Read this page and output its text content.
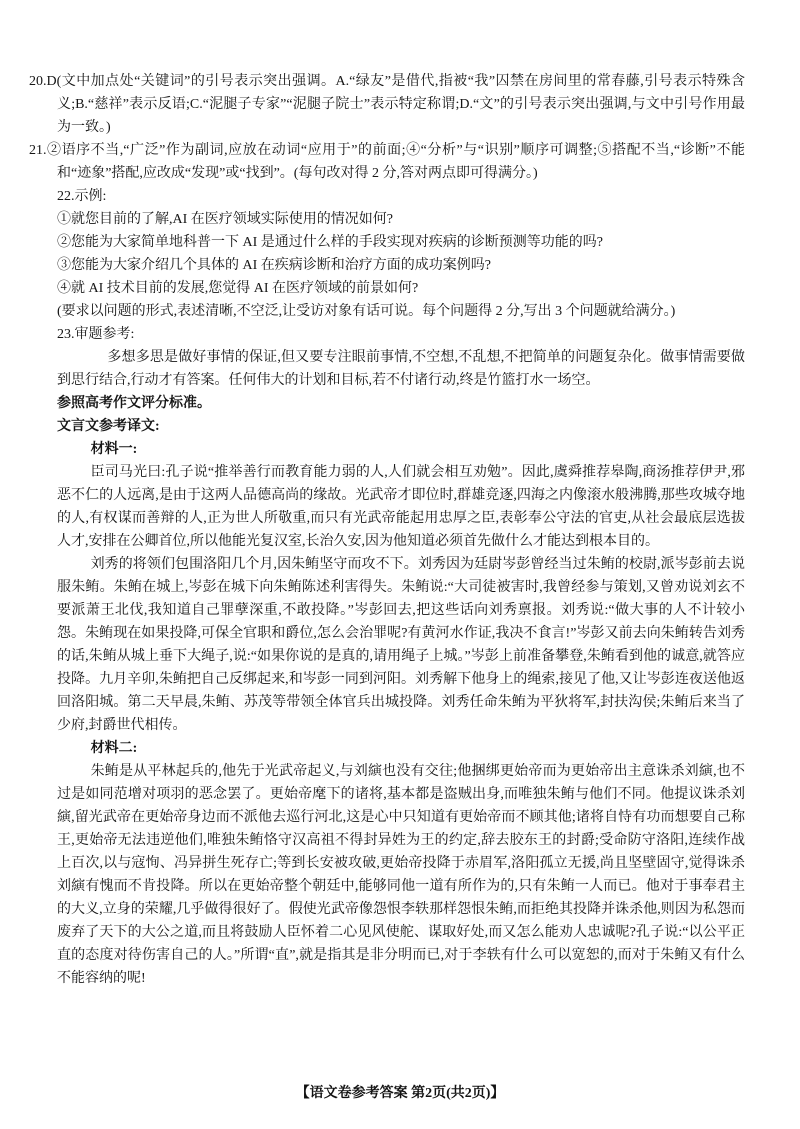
20.D(文中加点处“关键词”的引号表示突出强调。A.“绿友”是借代,指被“我”囚禁在房间里的常春藤,引号表示特殊含义;B.“慈祥”表示反语;C.“泥腿子专家”“泥腿子院士”表示特定称谓;D.“文”的引号表示突出强调,与文中引号作用最为一致。)

21.②语序不当,“广泛”作为副词,应放在动词“应用于”的前面;④“分析”与“识别”顺序可调整;⑤搭配不当,“诊断”不能和“迹象”搭配,应改成“发现”或“找到”。(每句改对得 2 分,答对两点即可得满分。)

22.示例:

①就您目前的了解,AI 在医疗领域实际使用的情况如何?

②您能为大家简单地科普一下 AI 是通过什么样的手段实现对疾病的诊断预测等功能的吗?

③您能为大家介绍几个具体的 AI 在疾病诊断和治疗方面的成功案例吗?

④就 AI 技术目前的发展,您觉得 AI 在医疗领域的前景如何?

(要求以问题的形式,表述清晰,不空泛,让受访对象有话可说。每个问题得 2 分,写出 3 个问题就给满分。)

23.审题参考:

多想多思是做好事情的保证,但又要专注眼前事情,不空想,不乱想,不把简单的问题复杂化。做事情需要做到思行结合,行动才有答案。任何伟大的计划和目标,若不付诸行动,终是竹篮打水一场空。

参照高考作文评分标准。

文言文参考译文:

材料一:

臣司马光曰:孔子说“推举善行而教育能力弱的人,人们就会相互劝勉”。因此,虞舜推荐皋陶,商汤推荐伊尹,邪恶不仁的人远离,是由于这两人品德高尚的缘故。光武帝才即位时,群雄竞逐,四海之内像滚水般沸腾,那些攻城夺地的人,有权谋而善辩的人,正为世人所敬重,而只有光武帝能起用忠厚之臣,表彰奉公守法的官吏,从社会最底层选拔人才,安排在公卿首位,所以他能光复汉室,长治久安,因为他知道必须首先做什么才能达到根本目的。

刘秀的将领们包围洛阳几个月,因朱鲔坚守而攻不下。刘秀因为廷尉岑彭曾经当过朱鲔的校尉,派岑彭前去说服朱鲔。朱鲔在城上,岑彭在城下向朱鲔陈述利害得失。朱鲔说:“大司徒被害时,我曾经参与策划,又曾劝说刘玄不要派萧王北伐,我知道自己罪孽深重,不敢投降。”岑彭回去,把这些话向刘秀禀报。刘秀说:“做大事的人不计较小怨。朱鲔现在如果投降,可保全官职和爵位,怎么会治罪呢?有黄河水作证,我决不食言!”岑彭又前去向朱鲔转告刘秀的话,朱鲔从城上垂下大绳子,说:“如果你说的是真的,请用绳子上城。”岑彭上前准备攀登,朱鲔看到他的诚意,就答应投降。九月辛卯,朱鲔把自己反绑起来,和岑彭一同到河阳。刘秀解下他身上的绳索,接见了他,又让岑彭连夜送他返回洛阳城。第二天早晨,朱鲔、苏茂等带领全体官兵出城投降。刘秀任命朱鲔为平狄将军,封扶沟侯;朱鲔后来当了少府,封爵世代相传。

材料二:

朱鲔是从平林起兵的,他先于光武帝起义,与刘縯也没有交往;他捆绑更始帝而为更始帝出主意诛杀刘縯,也不过是如同范增对项羽的恶念罢了。更始帝麾下的诸将,基本都是盗贼出身,而唯独朱鲔与他们不同。他提议诛杀刘縯,留光武帝在更始帝身边而不派他去巡行河北,这是心中只知道有更始帝而不顾其他;诸将自恃有功而想要自己称王,更始帝无法违逆他们,唯独朱鲔恪守汉高祖不得封异姓为王的约定,辞去胶东王的封爵;受命防守洛阳,连续作战上百次,以与寇恂、冯异拼生死存亡;等到长安被攻破,更始帝投降于赤眉军,洛阳孤立无援,尚且坚壁固守,觉得诛杀刘縯有愧而不肯投降。所以在更始帝整个朝廷中,能够同他一道有所作为的,只有朱鲔一人而已。他对于事奉君主的大义,立身的荣耀,几乎做得很好了。假使光武帝像怨恨李轶那样怨恨朱鲔,而拒绝其投降并诛杀他,则因为私怨而废弃了天下的大公之道,而且将鼓励人臣怀着二心见风使舵、谋取好处,而又怎么能劝人忠诚呢?孔子说:“以公平正直的态度对待伤害自己的人。”所谓“直”,就是指其是非分明而已,对于李轶有什么可以宽恕的,而对于朱鲔又有什么不能容纳的呢!

【语文卷参考答案 第2页(共2页)】
